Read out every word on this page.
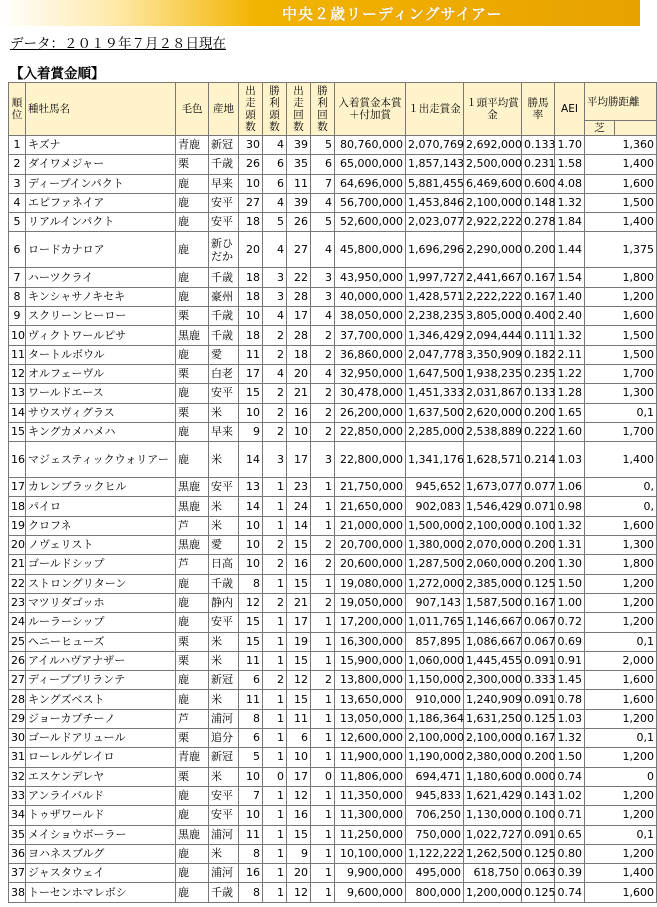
中央２歳リーディングサイアー
データ：２０１９年７月２８日現在
【入着賞金順】
順位	種牡馬名	毛色	産地	出走頭数	勝利頭数	出走回数	勝利回数	入着賞金本賞＋付加賞	１出走賞金	１頭平均賞金	勝馬率	AEI	平均勝距離	
													芝	
1	キズナ	青鹿	新冠	30	4	39	5	80,760,000	2,070,769	2,692,000	0.133	1.70	1,360	
2	ダイワメジャー	栗	千歳	26	6	35	6	65,000,000	1,857,143	2,500,000	0.231	1.58	1,400	
3	ディープインパクト	鹿	早来	10	6	11	7	64,696,000	5,881,455	6,469,600	0.600	4.08	1,600	
4	エピファネイア	鹿	安平	27	4	39	4	56,700,000	1,453,846	2,100,000	0.148	1.32	1,500	
5	リアルインパクト	鹿	安平	18	5	26	5	52,600,000	2,023,077	2,922,222	0.278	1.84	1,400	
6	ロードカナロア	鹿	新ひだか	20	4	27	4	45,800,000	1,696,296	2,290,000	0.200	1.44	1,375	
7	ハーツクライ	鹿	千歳	18	3	22	3	43,950,000	1,997,727	2,441,667	0.167	1.54	1,800	
8	キンシャサノキセキ	鹿	豪州	18	3	28	3	40,000,000	1,428,571	2,222,222	0.167	1.40	1,200	
9	スクリーンヒーロー	栗	千歳	10	4	17	4	38,050,000	2,238,235	3,805,000	0.400	2.40	1,600	
10	ヴィクトワールピサ	黒鹿	千歳	18	2	28	2	37,700,000	1,346,429	2,094,444	0.111	1.32	1,500	
11	タートルボウル	鹿	愛	11	2	18	2	36,860,000	2,047,778	3,350,909	0.182	2.11	1,500	
12	オルフェーヴル	栗	白老	17	4	20	4	32,950,000	1,647,500	1,938,235	0.235	1.22	1,700	
13	ワールドエース	鹿	安平	15	2	21	2	30,478,000	1,451,333	2,031,867	0.133	1.28	1,300	
14	サウスヴィグラス	栗	米	10	2	16	2	26,200,000	1,637,500	2,620,000	0.200	1.65	0,1	
15	キングカメハメハ	鹿	早来	9	2	10	2	22,850,000	2,285,000	2,538,889	0.222	1.60	1,700	
16	マジェスティックウォリアー	鹿	米	14	3	17	3	22,800,000	1,341,176	1,628,571	0.214	1.03	1,400	
17	カレンブラックヒル	黒鹿	安平	13	1	23	1	21,750,000	945,652	1,673,077	0.077	1.06	0,	
18	パイロ	黒鹿	米	14	1	24	1	21,650,000	902,083	1,546,429	0.071	0.98	0,	
19	クロフネ	芦	米	10	1	14	1	21,000,000	1,500,000	2,100,000	0.100	1.32	1,600	
20	ノヴェリスト	黒鹿	愛	10	2	15	2	20,700,000	1,380,000	2,070,000	0.200	1.31	1,300	
21	ゴールドシップ	芦	日高	10	2	16	2	20,600,000	1,287,500	2,060,000	0.200	1.30	1,800	
22	ストロングリターン	鹿	千歳	8	1	15	1	19,080,000	1,272,000	2,385,000	0.125	1.50	1,200	
23	マツリダゴッホ	鹿	静内	12	2	21	2	19,050,000	907,143	1,587,500	0.167	1.00	1,200	
24	ルーラーシップ	鹿	安平	15	1	17	1	17,200,000	1,011,765	1,146,667	0.067	0.72	1,200	
25	ヘニーヒューズ	栗	米	15	1	19	1	16,300,000	857,895	1,086,667	0.067	0.69	0,1	
26	アイルハヴアナザー	栗	米	11	1	15	1	15,900,000	1,060,000	1,445,455	0.091	0.91	2,000	
27	ディープブリランテ	鹿	新冠	6	2	12	2	13,800,000	1,150,000	2,300,000	0.333	1.45	1,600	
28	キングズベスト	鹿	米	11	1	15	1	13,650,000	910,000	1,240,909	0.091	0.78	1,600	
29	ジョーカプチーノ	芦	浦河	8	1	11	1	13,050,000	1,186,364	1,631,250	0.125	1.03	1,200	
30	ゴールドアリュール	栗	追分	6	1	6	1	12,600,000	2,100,000	2,100,000	0.167	1.32	0,1	
31	ローレルゲレイロ	青鹿	新冠	5	1	10	1	11,900,000	1,190,000	2,380,000	0.200	1.50	1,200	
32	エスケンデレヤ	栗	米	10	0	17	0	11,806,000	694,471	1,180,600	0.000	0.74	0	
33	アンライバルド	鹿	安平	7	1	12	1	11,350,000	945,833	1,621,429	0.143	1.02	1,200	
34	トゥザワールド	鹿	安平	10	1	16	1	11,300,000	706,250	1,130,000	0.100	0.71	1,200	
35	メイショウボーラー	黒鹿	浦河	11	1	15	1	11,250,000	750,000	1,022,727	0.091	0.65	0,1	
36	ヨハネスブルグ	鹿	米	8	1	9	1	10,100,000	1,122,222	1,262,500	0.125	0.80	1,200	
37	ジャスタウェイ	鹿	浦河	16	1	20	1	9,900,000	495,000	618,750	0.063	0.39	1,400	
38	トーセンホマレボシ	鹿	千歳	8	1	12	1	9,600,000	800,000	1,200,000	0.125	0.74	1,600	
